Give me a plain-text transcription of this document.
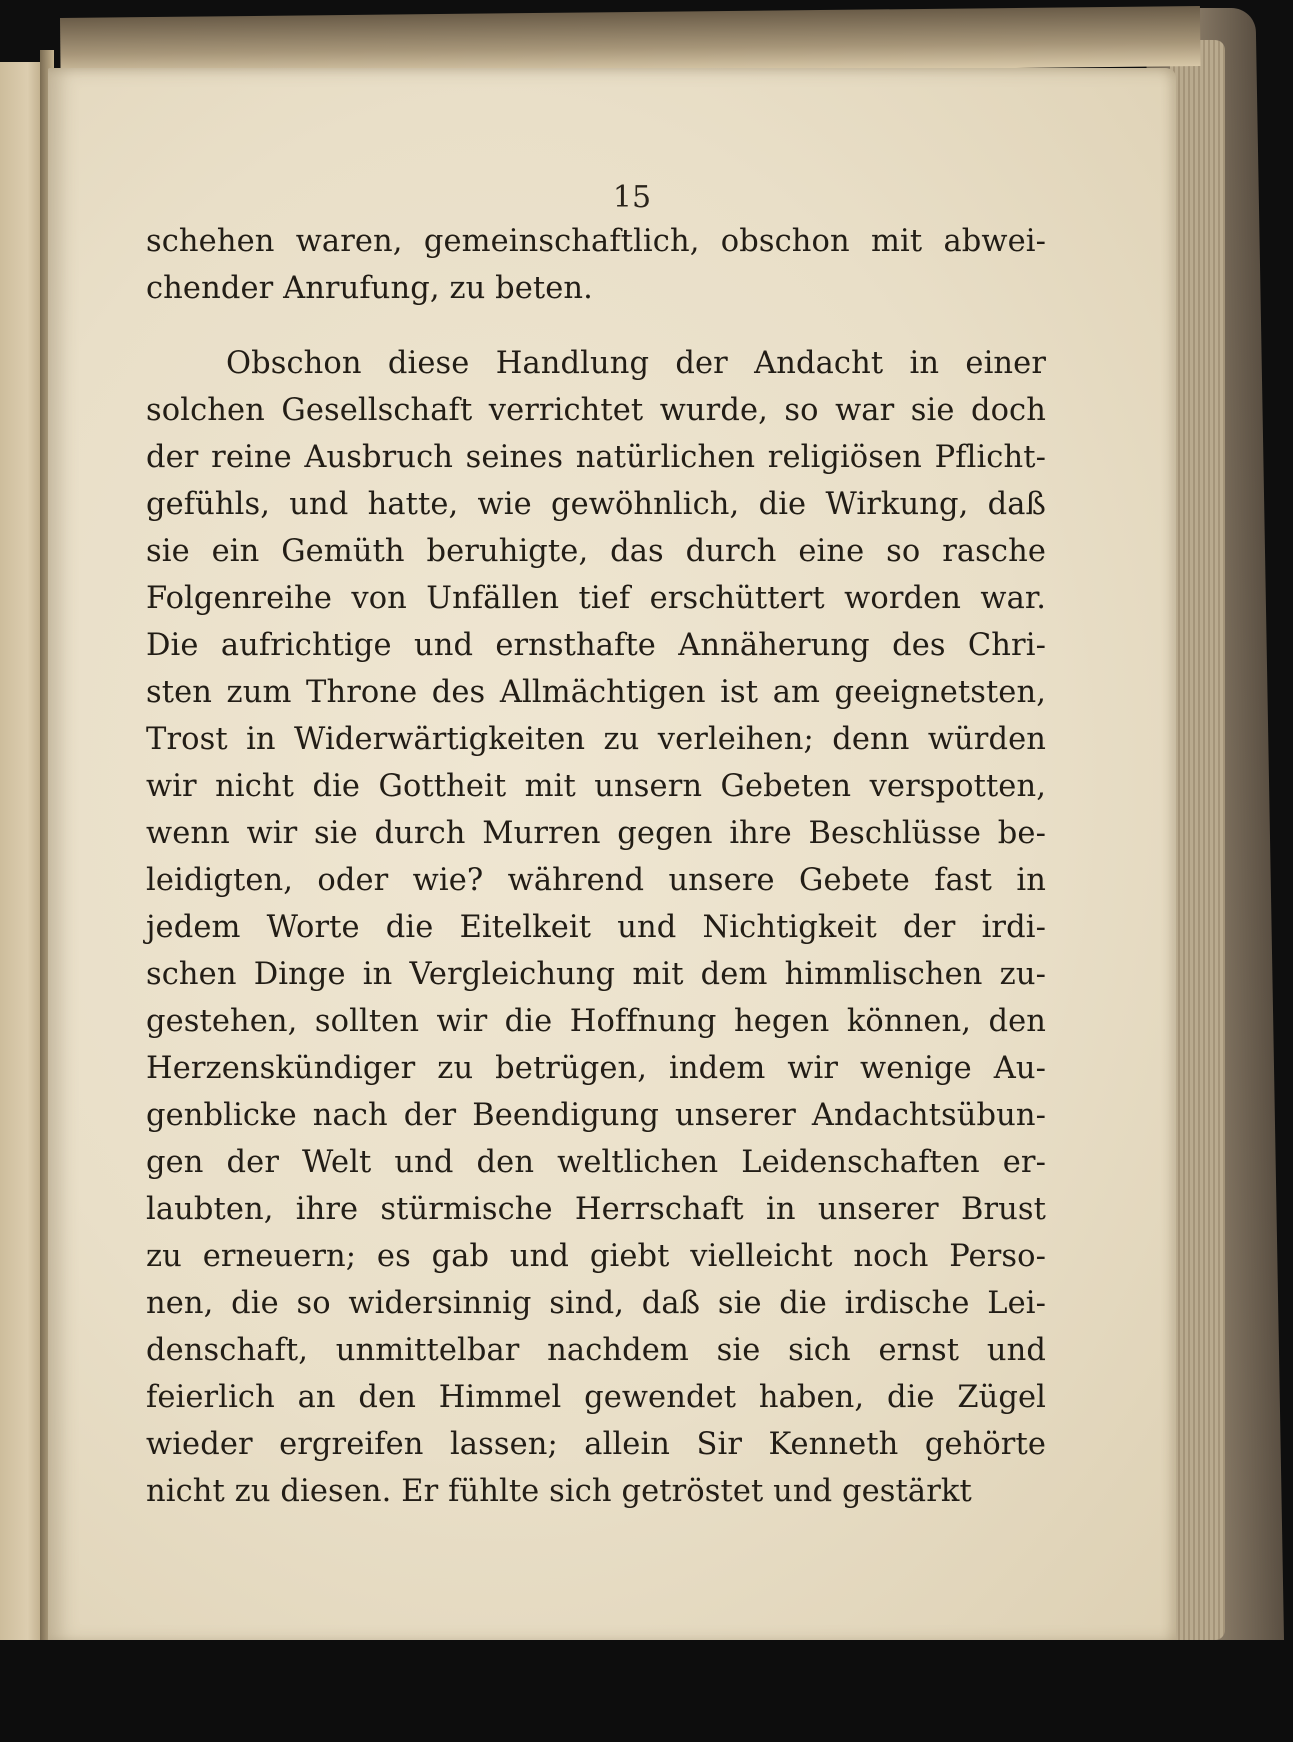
15
schehen waren, gemeinschaftlich, obschon mit abwei-
chender Anrufung, zu beten.
Obschon diese Handlung der Andacht in einer
solchen Gesellschaft verrichtet wurde, so war sie doch
der reine Ausbruch seines natürlichen religiösen Pflicht-
gefühls, und hatte, wie gewöhnlich, die Wirkung, daß
sie ein Gemüth beruhigte, das durch eine so rasche
Folgenreihe von Unfällen tief erschüttert worden war.
Die aufrichtige und ernsthafte Annäherung des Chri-
sten zum Throne des Allmächtigen ist am geeignetsten,
Trost in Widerwärtigkeiten zu verleihen; denn würden
wir nicht die Gottheit mit unsern Gebeten verspotten,
wenn wir sie durch Murren gegen ihre Beschlüsse be-
leidigten, oder wie? während unsere Gebete fast in
jedem Worte die Eitelkeit und Nichtigkeit der irdi-
schen Dinge in Vergleichung mit dem himmlischen zu-
gestehen, sollten wir die Hoffnung hegen können, den
Herzenskündiger zu betrügen, indem wir wenige Au-
genblicke nach der Beendigung unserer Andachtsübun-
gen der Welt und den weltlichen Leidenschaften er-
laubten, ihre stürmische Herrschaft in unserer Brust
zu erneuern; es gab und giebt vielleicht noch Perso-
nen, die so widersinnig sind, daß sie die irdische Lei-
denschaft, unmittelbar nachdem sie sich ernst und
feierlich an den Himmel gewendet haben, die Zügel
wieder ergreifen lassen; allein Sir Kenneth gehörte
nicht zu diesen. Er fühlte sich getröstet und gestärkt
